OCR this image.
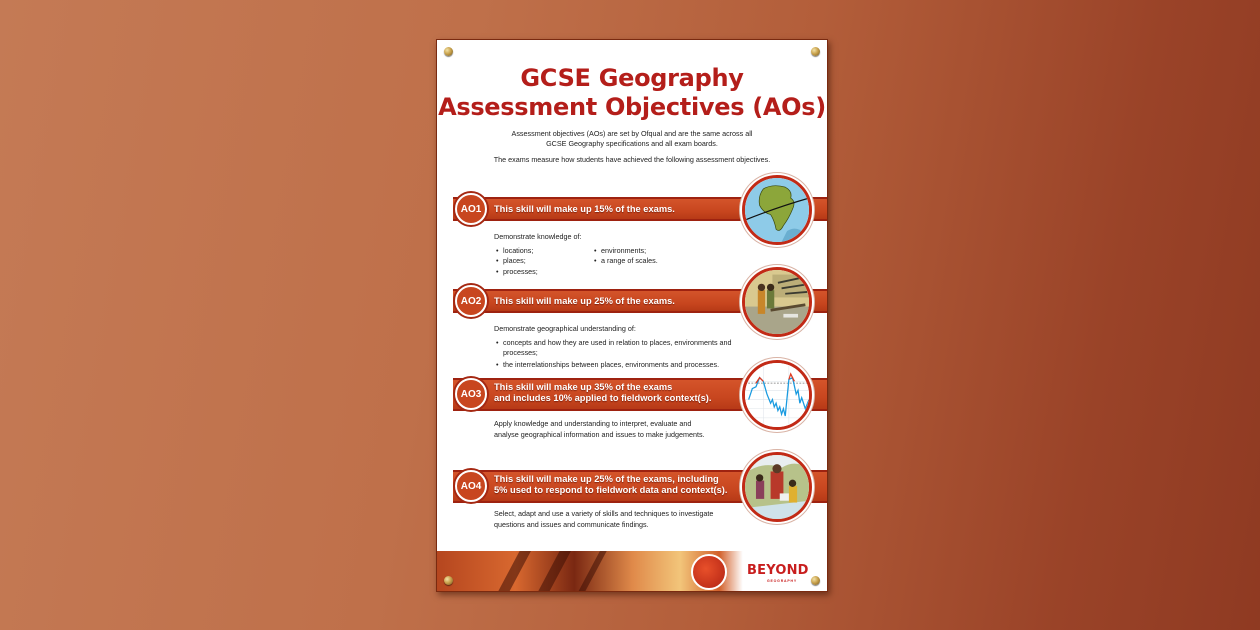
GCSE Geography
Assessment Objectives (AOs)
Assessment objectives (AOs) are set by Ofqual and are the same across all
GCSE Geography specifications and all exam boards.
The exams measure how students have achieved the following assessment objectives.
AO1	This skill will make up 15% of the exams.
Demonstrate knowledge of:
• locations;
• places;
• processes;
• environments;
• a range of scales.
AO2	This skill will make up 25% of the exams.
Demonstrate geographical understanding of:
• concepts and how they are used in relation to places, environments and processes;
• the interrelationships between places, environments and processes.
AO3
This skill will make up 35% of the exams
and includes 10% applied to fieldwork context(s).
Apply knowledge and understanding to interpret, evaluate and
analyse geographical information and issues to make judgements.
AO4
This skill will make up 25% of the exams, including
5% used to respond to fieldwork data and context(s).
Select, adapt and use a variety of skills and techniques to investigate
questions and issues and communicate findings.
BEYOND
GEOGRAPHY
